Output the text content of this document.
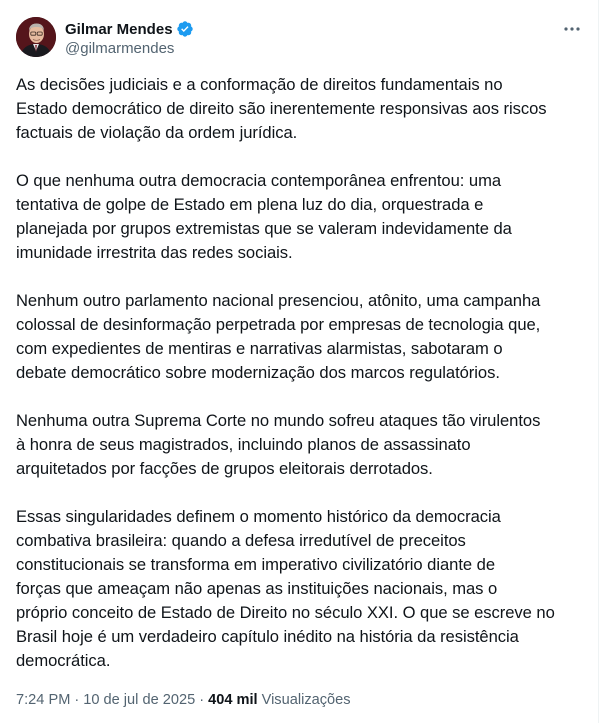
Gilmar Mendes
@gilmarmendes

As decisões judiciais e a conformação de direitos fundamentais no
Estado democrático de direito são inerentemente responsivas aos riscos
factuais de violação da ordem jurídica.

O que nenhuma outra democracia contemporânea enfrentou: uma
tentativa de golpe de Estado em plena luz do dia, orquestrada e
planejada por grupos extremistas que se valeram indevidamente da
imunidade irrestrita das redes sociais.

Nenhum outro parlamento nacional presenciou, atônito, uma campanha
colossal de desinformação perpetrada por empresas de tecnologia que,
com expedientes de mentiras e narrativas alarmistas, sabotaram o
debate democrático sobre modernização dos marcos regulatórios.

Nenhuma outra Suprema Corte no mundo sofreu ataques tão virulentos
à honra de seus magistrados, incluindo planos de assassinato
arquitetados por facções de grupos eleitorais derrotados.

Essas singularidades definem o momento histórico da democracia
combativa brasileira: quando a defesa irredutível de preceitos
constitucionais se transforma em imperativo civilizatório diante de
forças que ameaçam não apenas as instituições nacionais, mas o
próprio conceito de Estado de Direito no século XXI. O que se escreve no
Brasil hoje é um verdadeiro capítulo inédito na história da resistência
democrática.

7:24 PM · 10 de jul de 2025 · 404 mil Visualizações
